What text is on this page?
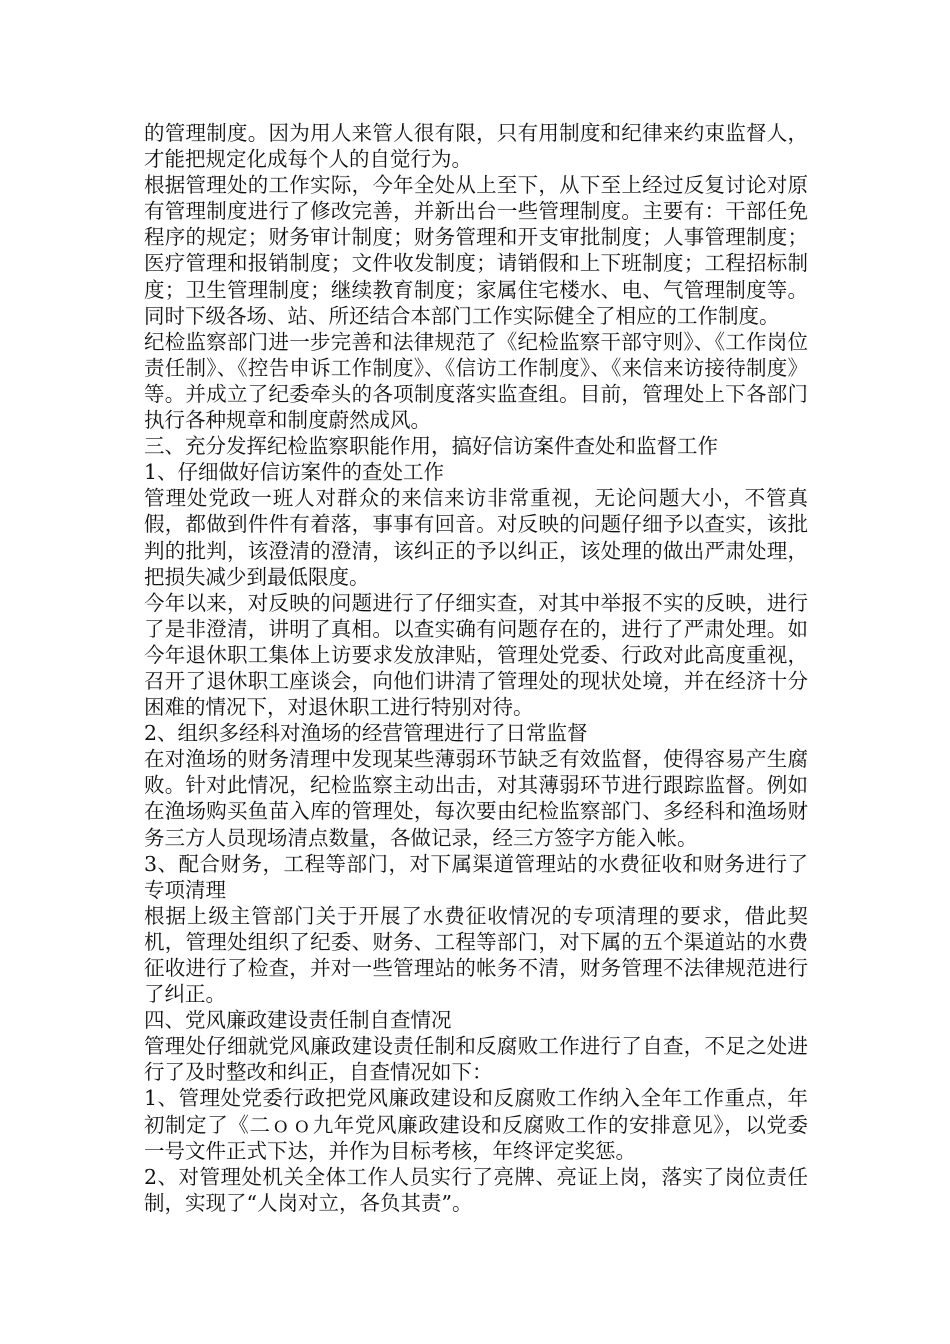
的管理制度。因为用人来管人很有限，只有用制度和纪律来约束监督人，才能把规定化成每个人的自觉行为。

根据管理处的工作实际，今年全处从上至下，从下至上经过反复讨论对原有管理制度进行了修改完善，并新出台一些管理制度。主要有：干部任免程序的规定；财务审计制度；财务管理和开支审批制度；人事管理制度；医疗管理和报销制度；文件收发制度；请销假和上下班制度；工程招标制度；卫生管理制度；继续教育制度；家属住宅楼水、电、气管理制度等。同时下级各场、站、所还结合本部门工作实际健全了相应的工作制度。

纪检监察部门进一步完善和法律规范了《纪检监察干部守则》、《工作岗位责任制》、《控告申诉工作制度》、《信访工作制度》、《来信来访接待制度》等。并成立了纪委牵头的各项制度落实监查组。目前，管理处上下各部门执行各种规章和制度蔚然成风。

三、充分发挥纪检监察职能作用，搞好信访案件查处和监督工作

1、仔细做好信访案件的查处工作

管理处党政一班人对群众的来信来访非常重视，无论问题大小，不管真假，都做到件件有着落，事事有回音。对反映的问题仔细予以查实，该批判的批判，该澄清的澄清，该纠正的予以纠正，该处理的做出严肃处理，把损失减少到最低限度。

今年以来，对反映的问题进行了仔细实查，对其中举报不实的反映，进行了是非澄清，讲明了真相。以查实确有问题存在的，进行了严肃处理。如今年退休职工集体上访要求发放津贴，管理处党委、行政对此高度重视，召开了退休职工座谈会，向他们讲清了管理处的现状处境，并在经济十分困难的情况下，对退休职工进行特别对待。

2、组织多经科对渔场的经营管理进行了日常监督

在对渔场的财务清理中发现某些薄弱环节缺乏有效监督，使得容易产生腐败。针对此情况，纪检监察主动出击，对其薄弱环节进行跟踪监督。例如在渔场购买鱼苗入库的管理处，每次要由纪检监察部门、多经科和渔场财务三方人员现场清点数量，各做记录，经三方签字方能入帐。

3、配合财务，工程等部门，对下属渠道管理站的水费征收和财务进行了专项清理

根据上级主管部门关于开展了水费征收情况的专项清理的要求，借此契机，管理处组织了纪委、财务、工程等部门，对下属的五个渠道站的水费征收进行了检查，并对一些管理站的帐务不清，财务管理不法律规范进行了纠正。

四、党风廉政建设责任制自查情况

管理处仔细就党风廉政建设责任制和反腐败工作进行了自查，不足之处进行了及时整改和纠正，自查情况如下：

1、管理处党委行政把党风廉政建设和反腐败工作纳入全年工作重点，年初制定了《二ｏｏ九年党风廉政建设和反腐败工作的安排意见》，以党委一号文件正式下达，并作为目标考核，年终评定奖惩。

2、对管理处机关全体工作人员实行了亮牌、亮证上岗，落实了岗位责任制，实现了“人岗对立，各负其责”。
